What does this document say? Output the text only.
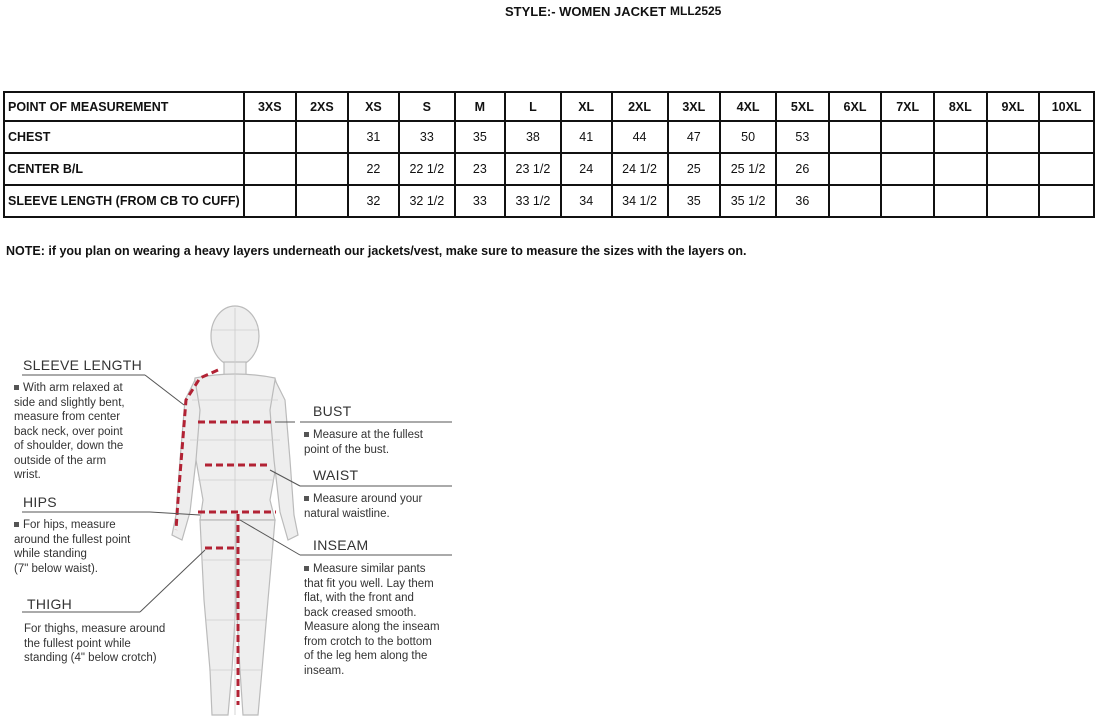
STYLE:- WOMEN JACKET MLL2525
POINT OF MEASUREMENT	3XS	2XS	XS	S	M	L	XL	2XL	3XL	4XL	5XL	6XL	7XL	8XL	9XL	10XL
CHEST			31	33	35	38	41	44	47	50	53					
CENTER B/L			22	22 1/2	23	23 1/2	24	24 1/2	25	25 1/2	26					
SLEEVE LENGTH (FROM CB TO CUFF)			32	32 1/2	33	33 1/2	34	34 1/2	35	35 1/2	36					
NOTE: if you plan on wearing a heavy layers underneath our jackets/vest, make sure to measure the sizes with the layers on.
SLEEVE LENGTH
With arm relaxed at
side and slightly bent,
measure from center
back neck, over point
of shoulder, down the
outside of the arm
wrist.
HIPS
For hips, measure
around the fullest point
while standing
(7" below waist).
THIGH
For thighs, measure around
the fullest point while
standing (4" below crotch)
BUST
Measure at the fullest
point of the bust.
WAIST
Measure around your
natural waistline.
INSEAM
Measure similar pants
that fit you well. Lay them
flat, with the front and
back creased smooth.
Measure along the inseam
from crotch to the bottom
of the leg hem along the
inseam.
